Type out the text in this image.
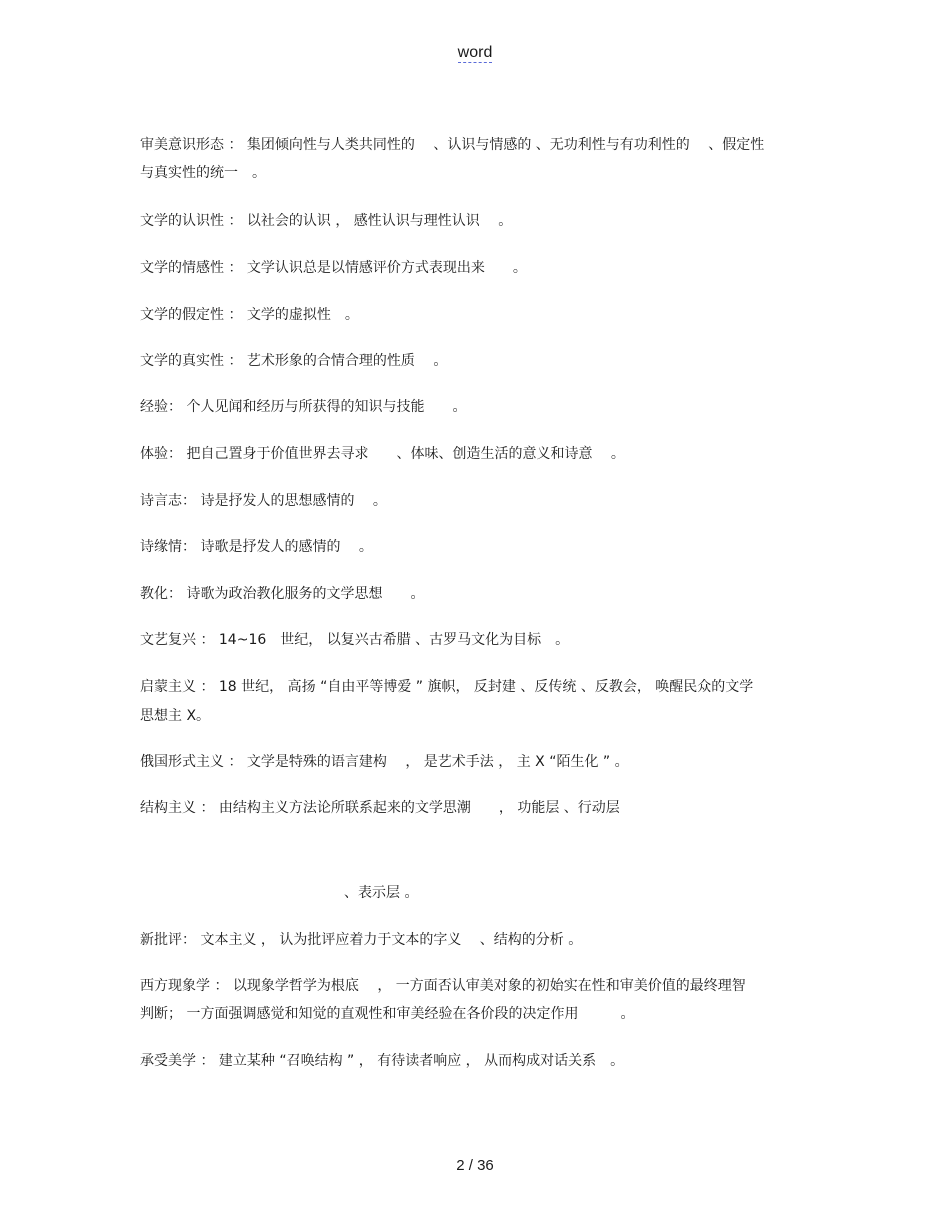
word
审美意识形态 ： 集团倾向性与人类共同性的　 、认识与情感的 、无功利性与有功利性的　 、假定性
与真实性的统一　。
文学的认识性 ： 以社会的认识 ， 感性认识与理性认识　 。
文学的情感性 ： 文学认识总是以情感评价方式表现出来　　。
文学的假定性 ： 文学的虚拟性　。
文学的真实性 ： 艺术形象的合情合理的性质　 。
经验： 个人见闻和经历与所获得的知识与技能　　。
体验： 把自己置身于价值世界去寻求　　、体味、创造生活的意义和诗意　 。
诗言志： 诗是抒发人的思想感情的　 。
诗缘情： 诗歌是抒发人的感情的　 。
教化： 诗歌为政治教化服务的文学思想　　。
文艺复兴 ： 14~16　世纪， 以复兴古希腊 、古罗马文化为目标　。
启蒙主义 ： 18 世纪， 高扬 “自由平等博爱 ” 旗帜， 反封建 、反传统 、反教会， 唤醒民众的文学
思想主 X。
俄国形式主义 ： 文学是特殊的语言建构　 ， 是艺术手法 ， 主 X “陌生化 ” 。
结构主义 ： 由结构主义方法论所联系起来的文学思潮　　， 功能层 、行动层
、表示层 。
新批评： 文本主义 ， 认为批评应着力于文本的字义　 、结构的分析 。
西方现象学 ： 以现象学哲学为根底　 ， 一方面否认审美对象的初始实在性和审美价值的最终理智
判断； 一方面强调感觉和知觉的直观性和审美经验在各价段的决定作用　　　。
承受美学 ： 建立某种 “召唤结构 ” ， 有待读者响应 ， 从而构成对话关系　。
2 / 36
